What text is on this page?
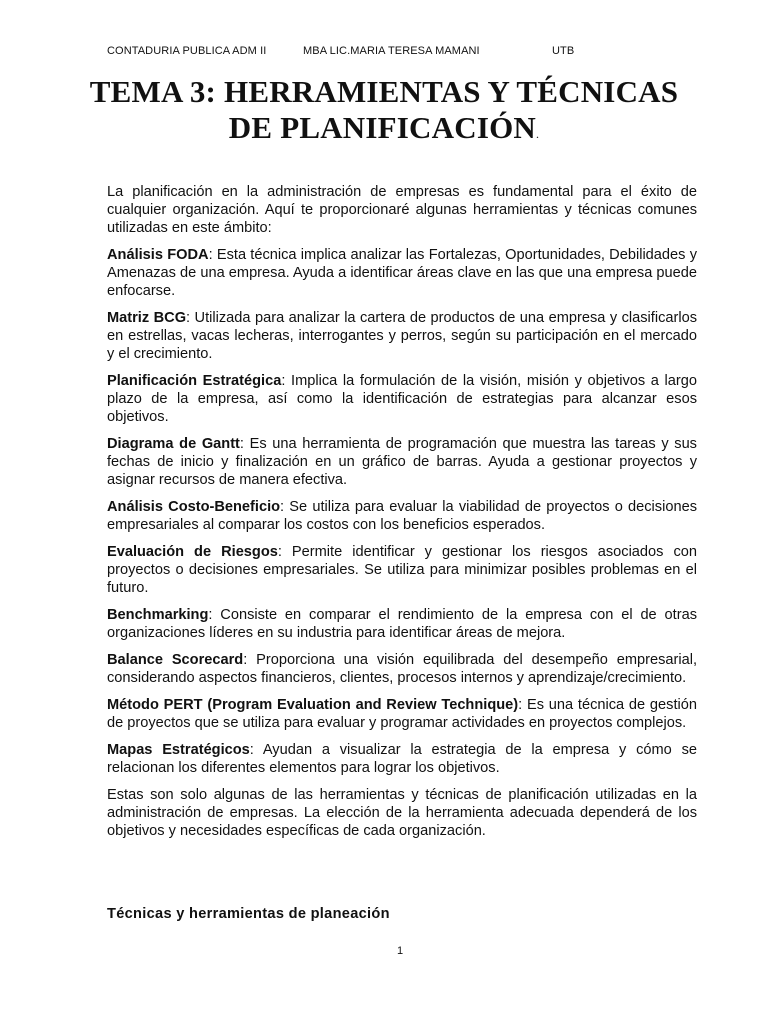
CONTADURIA PUBLICA ADM II	MBA LIC.MARIA TERESA MAMANI	UTB
TEMA 3: HERRAMIENTAS Y TÉCNICAS
DE PLANIFICACIÓN.

La planificación en la administración de empresas es fundamental para el éxito de cualquier organización. Aquí te proporcionaré algunas herramientas y técnicas comunes utilizadas en este ámbito:

Análisis FODA: Esta técnica implica analizar las Fortalezas, Oportunidades, Debilidades y Amenazas de una empresa. Ayuda a identificar áreas clave en las que una empresa puede enfocarse.

Matriz BCG: Utilizada para analizar la cartera de productos de una empresa y clasificarlos en estrellas, vacas lecheras, interrogantes y perros, según su participación en el mercado y el crecimiento.

Planificación Estratégica: Implica la formulación de la visión, misión y objetivos a largo plazo de la empresa, así como la identificación de estrategias para alcanzar esos objetivos.

Diagrama de Gantt: Es una herramienta de programación que muestra las tareas y sus fechas de inicio y finalización en un gráfico de barras. Ayuda a gestionar proyectos y asignar recursos de manera efectiva.

Análisis Costo-Beneficio: Se utiliza para evaluar la viabilidad de proyectos o decisiones empresariales al comparar los costos con los beneficios esperados.

Evaluación de Riesgos: Permite identificar y gestionar los riesgos asociados con proyectos o decisiones empresariales. Se utiliza para minimizar posibles problemas en el futuro.

Benchmarking: Consiste en comparar el rendimiento de la empresa con el de otras organizaciones líderes en su industria para identificar áreas de mejora.

Balance Scorecard: Proporciona una visión equilibrada del desempeño empresarial, considerando aspectos financieros, clientes, procesos internos y aprendizaje/crecimiento.

Método PERT (Program Evaluation and Review Technique): Es una técnica de gestión de proyectos que se utiliza para evaluar y programar actividades en proyectos complejos.

Mapas Estratégicos: Ayudan a visualizar la estrategia de la empresa y cómo se relacionan los diferentes elementos para lograr los objetivos.

Estas son solo algunas de las herramientas y técnicas de planificación utilizadas en la administración de empresas. La elección de la herramienta adecuada dependerá de los objetivos y necesidades específicas de cada organización.

Técnicas y herramientas de planeación
1
